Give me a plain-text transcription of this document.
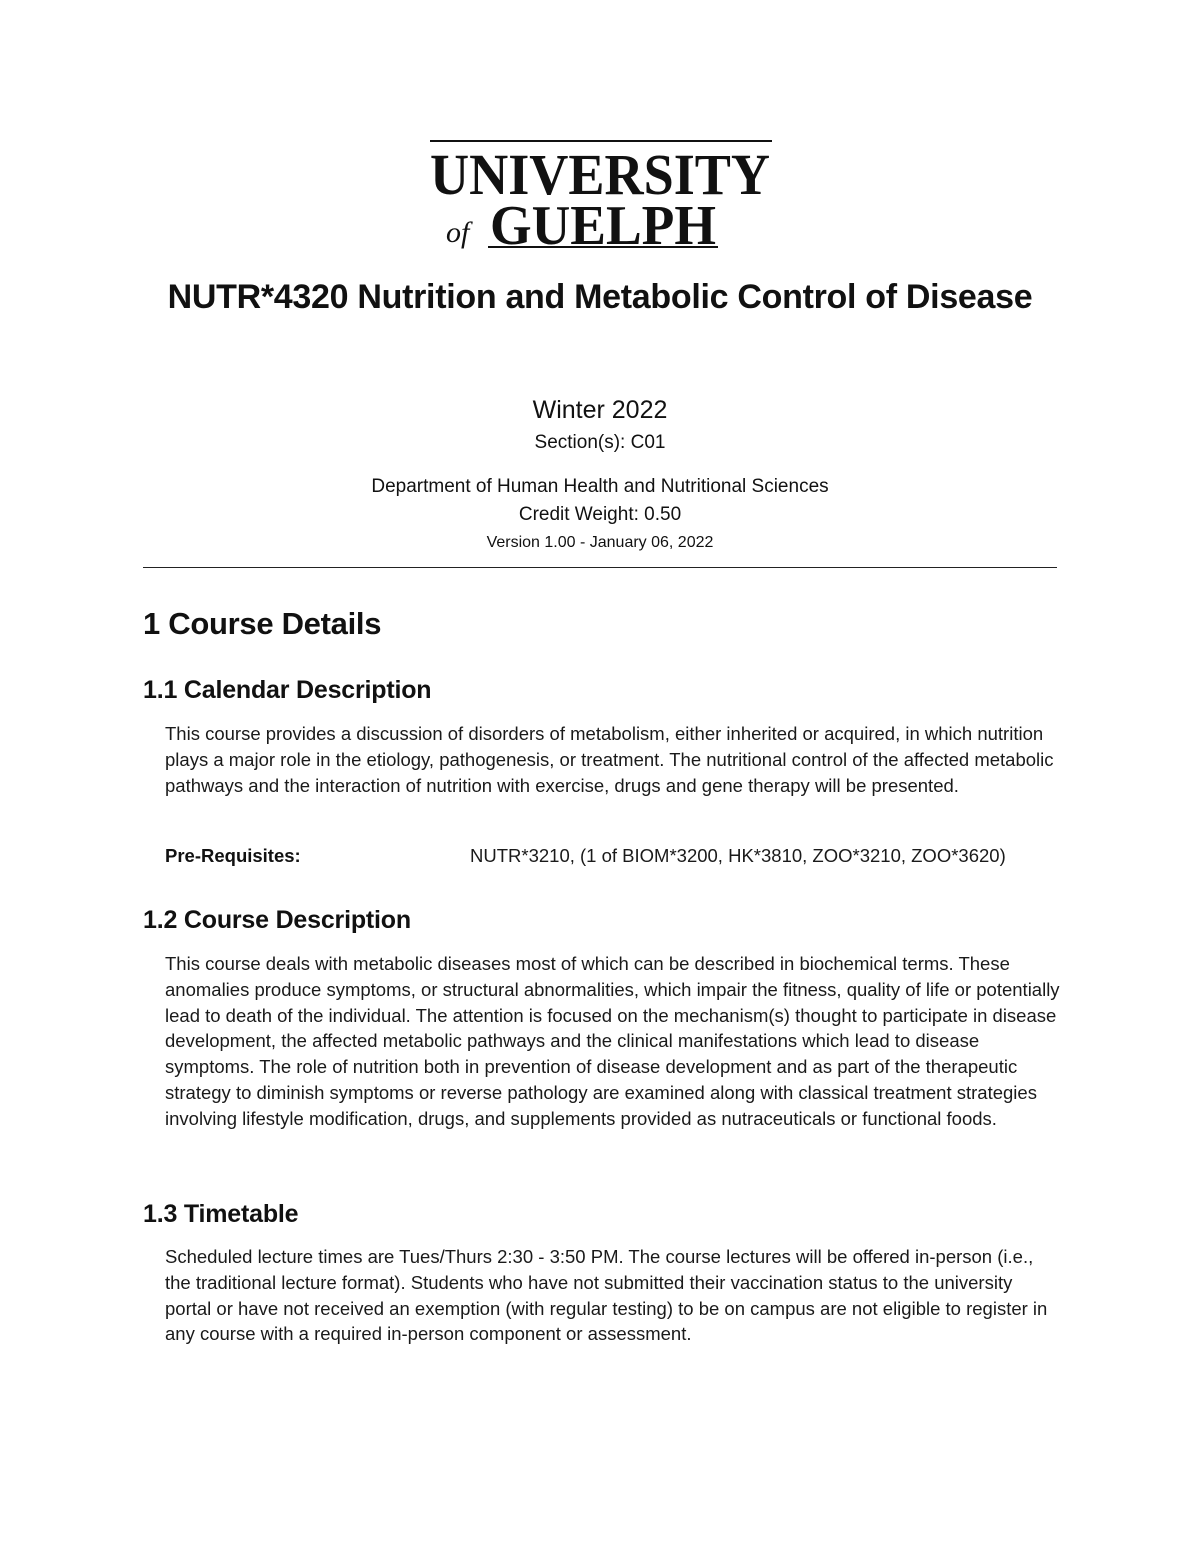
UNIVERSITY
of GUELPH
NUTR*4320 Nutrition and Metabolic Control of Disease
Winter 2022
Section(s): C01
Department of Human Health and Nutritional Sciences
Credit Weight: 0.50
Version 1.00 - January 06, 2022
1 Course Details
1.1 Calendar Description
This course provides a discussion of disorders of metabolism, either inherited or acquired, in which nutrition plays a major role in the etiology, pathogenesis, or treatment. The nutritional control of the affected metabolic pathways and the interaction of nutrition with exercise, drugs and gene therapy will be presented.
Pre-Requisites:	NUTR*3210, (1 of BIOM*3200, HK*3810, ZOO*3210, ZOO*3620)
1.2 Course Description
This course deals with metabolic diseases most of which can be described in biochemical terms. These anomalies produce symptoms, or structural abnormalities, which impair the fitness, quality of life or potentially lead to death of the individual. The attention is focused on the mechanism(s) thought to participate in disease development, the affected metabolic pathways and the clinical manifestations which lead to disease symptoms. The role of nutrition both in prevention of disease development and as part of the therapeutic strategy to diminish symptoms or reverse pathology are examined along with classical treatment strategies involving lifestyle modification, drugs, and supplements provided as nutraceuticals or functional foods.
1.3 Timetable
Scheduled lecture times are Tues/Thurs 2:30 - 3:50 PM. The course lectures will be offered in-person (i.e., the traditional lecture format). Students who have not submitted their vaccination status to the university portal or have not received an exemption (with regular testing) to be on campus are not eligible to register in any course with a required in-person component or assessment.
